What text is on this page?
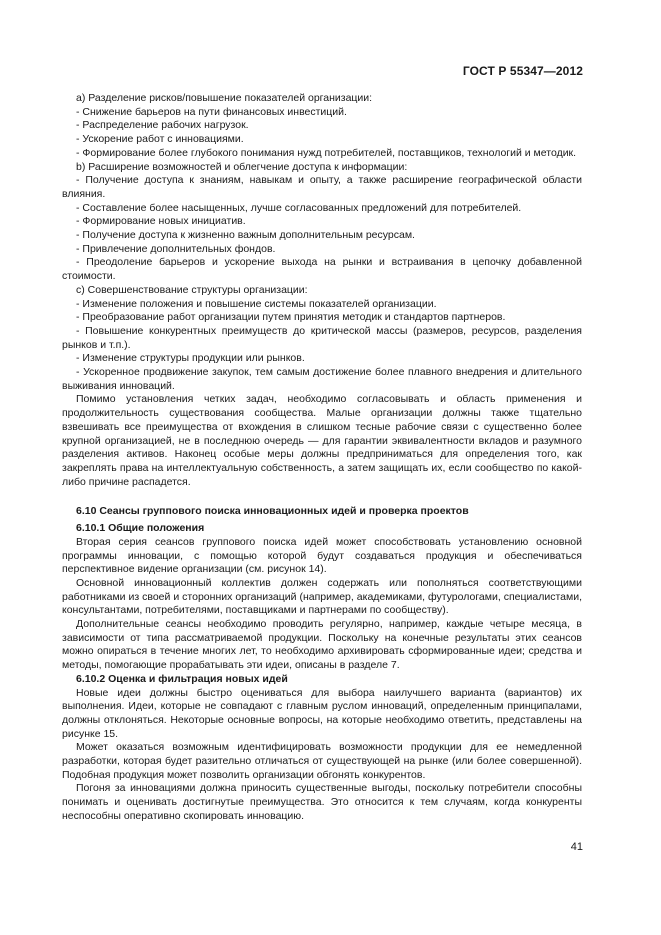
ГОСТ Р 55347—2012

a) Разделение рисков/повышение показателей организации:

- Снижение барьеров на пути финансовых инвестиций.

- Распределение рабочих нагрузок.

- Ускорение работ с инновациями.

- Формирование более глубокого понимания нужд потребителей, поставщиков, технологий и методик.

b) Расширение возможностей и облегчение доступа к информации:

- Получение доступа к знаниям, навыкам и опыту, а также расширение географической области влияния.

- Составление более насыщенных, лучше согласованных предложений для потребителей.

- Формирование новых инициатив.

- Получение доступа к жизненно важным дополнительным ресурсам.

- Привлечение дополнительных фондов.

- Преодоление барьеров и ускорение выхода на рынки и встраивания в цепочку добавленной стоимости.

c) Совершенствование структуры организации:

- Изменение положения и повышение системы показателей организации.

- Преобразование работ организации путем принятия методик и стандартов партнеров.

- Повышение конкурентных преимуществ до критической массы (размеров, ресурсов, разделения рынков и т.п.).

- Изменение структуры продукции или рынков.

- Ускоренное продвижение закупок, тем самым достижение более плавного внедрения и длительного выживания инноваций.

Помимо установления четких задач, необходимо согласовывать и область применения и продолжительность существования сообщества. Малые организации должны также тщательно взвешивать все преимущества от вхождения в слишком тесные рабочие связи с существенно более крупной организацией, не в последнюю очередь — для гарантии эквивалентности вкладов и разумного разделения активов. Наконец особые меры должны предприниматься для определения того, как закреплять права на интеллектуальную собственность, а затем защищать их, если сообщество по какой-либо причине распадется.

6.10 Сеансы группового поиска инновационных идей и проверка проектов
6.10.1 Общие положения

Вторая серия сеансов группового поиска идей может способствовать установлению основной программы инновации, с помощью которой будут создаваться продукция и обеспечиваться перспективное видение организации (см. рисунок 14).

Основной инновационный коллектив должен содержать или пополняться соответствующими работниками из своей и сторонних организаций (например, академиками, футурологами, специалистами, консультантами, потребителями, поставщиками и партнерами по сообществу).

Дополнительные сеансы необходимо проводить регулярно, например, каждые четыре месяца, в зависимости от типа рассматриваемой продукции. Поскольку на конечные результаты этих сеансов можно опираться в течение многих лет, то необходимо архивировать сформированные идеи; средства и методы, помогающие прорабатывать эти идеи, описаны в разделе 7.

6.10.2 Оценка и фильтрация новых идей

Новые идеи должны быстро оцениваться для выбора наилучшего варианта (вариантов) их выполнения. Идеи, которые не совпадают с главным руслом инноваций, определенным принципалами, должны отклоняться. Некоторые основные вопросы, на которые необходимо ответить, представлены на рисунке 15.

Может оказаться возможным идентифицировать возможности продукции для ее немедленной разработки, которая будет разительно отличаться от существующей на рынке (или более совершенной). Подобная продукция может позволить организации обгонять конкурентов.

Погоня за инновациями должна приносить существенные выгоды, поскольку потребители способны понимать и оценивать достигнутые преимущества. Это относится к тем случаям, когда конкуренты неспособны оперативно скопировать инновацию.

41
